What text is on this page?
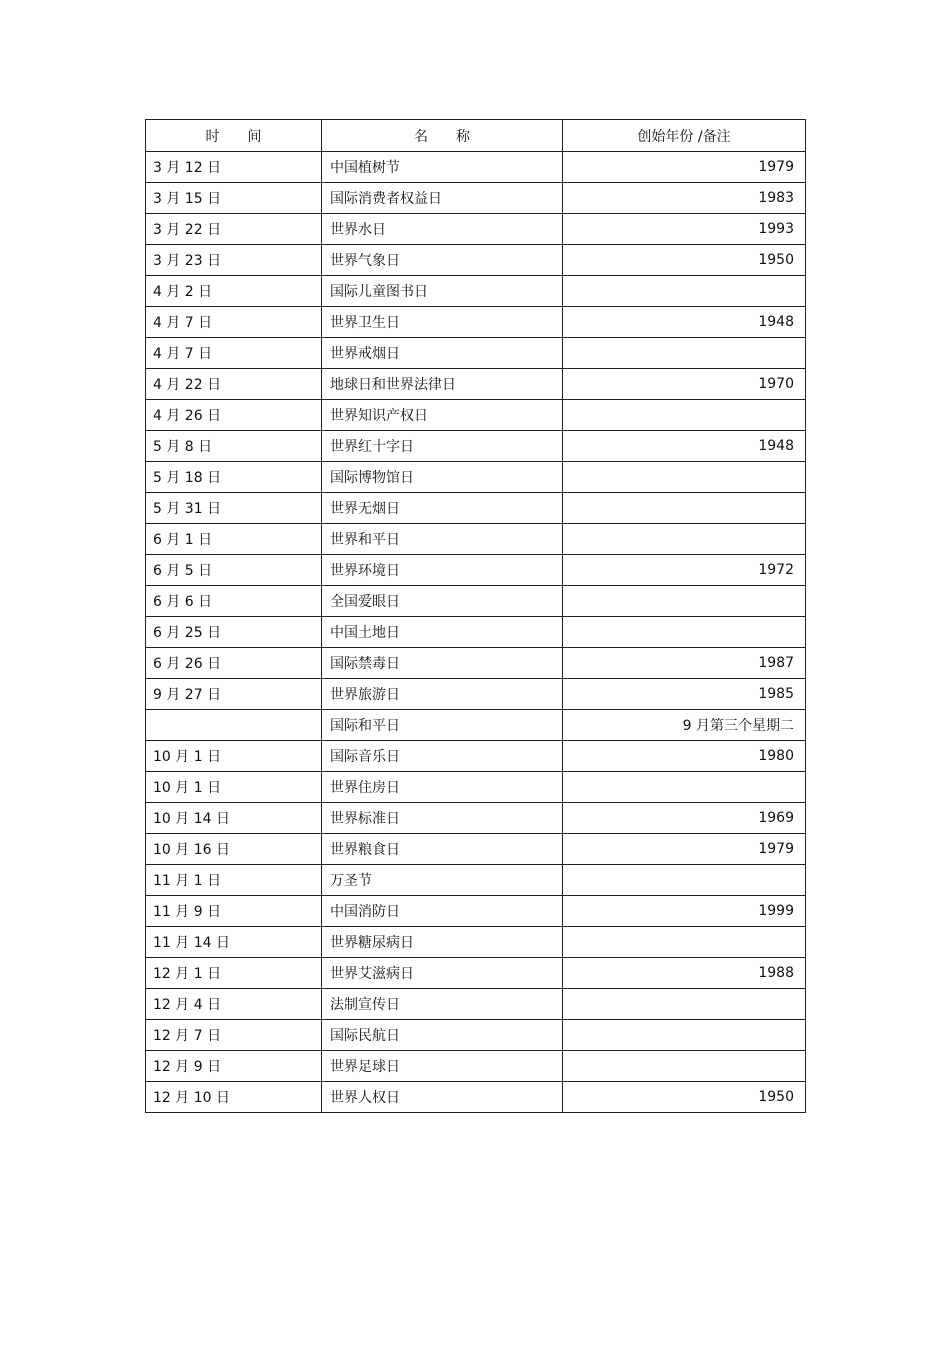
时　　间	名　　称	创始年份 /备注
3 月 12 日	中国植树节	1979
3 月 15 日	国际消费者权益日	1983
3 月 22 日	世界水日	1993
3 月 23 日	世界气象日	1950
4 月 2 日	国际儿童图书日	
4 月 7 日	世界卫生日	1948
4 月 7 日	世界戒烟日	
4 月 22 日	地球日和世界法律日	1970
4 月 26 日	世界知识产权日	
5 月 8 日	世界红十字日	1948
5 月 18 日	国际博物馆日	
5 月 31 日	世界无烟日	
6 月 1 日	世界和平日	
6 月 5 日	世界环境日	1972
6 月 6 日	全国爱眼日	
6 月 25 日	中国土地日	
6 月 26 日	国际禁毒日	1987
9 月 27 日	世界旅游日	1985
	国际和平日	9 月第三个星期二
10 月 1 日	国际音乐日	1980
10 月 1 日	世界住房日	
10 月 14 日	世界标准日	1969
10 月 16 日	世界粮食日	1979
11 月 1 日	万圣节	
11 月 9 日	中国消防日	1999
11 月 14 日	世界糖尿病日	
12 月 1 日	世界艾滋病日	1988
12 月 4 日	法制宣传日	
12 月 7 日	国际民航日	
12 月 9 日	世界足球日	
12 月 10 日	世界人权日	1950
